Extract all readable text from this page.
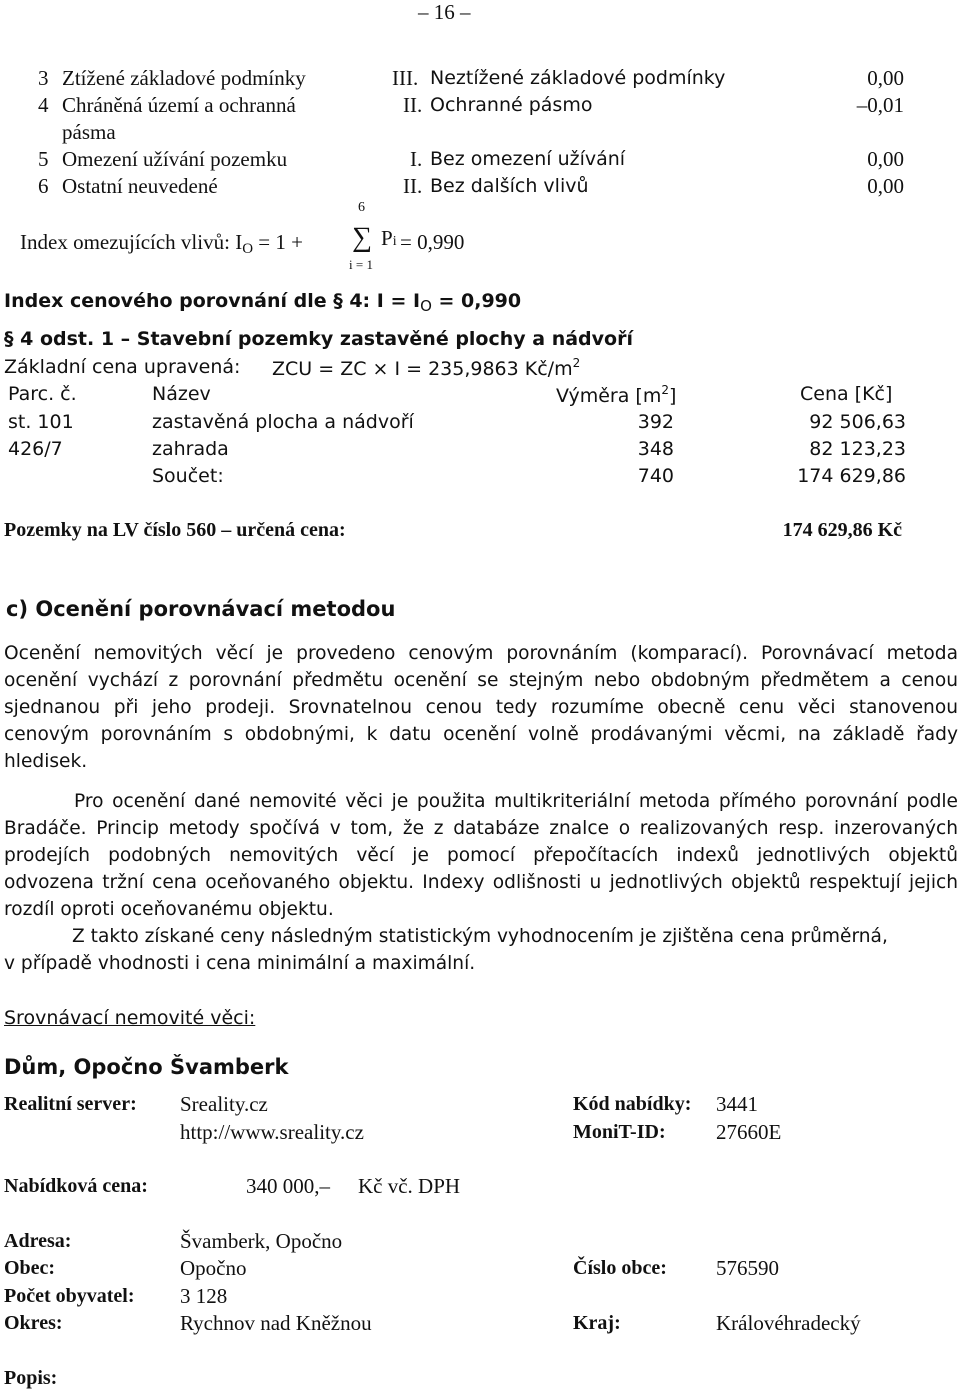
– 16 –
3 Ztížené základové podmínky	III. Neztížené základové podmínky	0,00
4 Chráněná území a ochranná
pásma
II. Ochranné pásmo	–0,01
5 Omezení užívání pozemku	I. Bez omezení užívání	0,00
6 Ostatní neuvedené	II. Bez dalších vlivů	0,00
6
Index omezujících vlivů: $I_O = 1$ + ∑ Pi = 0,990
i = 1
Index cenového porovnání dle § 4: $I = I_O = 0,990$
§ 4 odst. 1 – Stavební pozemky zastavěné plochy a nádvoří
Základní cena upravená: ZCU = ZC × I = 235,9863 $Kč/m^2$
Parc. č.	Název	Výměra $[m^2]$	Cena [Kč]
st. 101	zastavěná plocha a nádvoří	392	92 506,63
426/7	zahrada	348	82 123,23
Součet:	740	174 629,86
Pozemky na LV číslo 560 – určená cena:	174 629,86 Kč
c) Ocenění porovnávací metodou
Ocenění nemovitých věcí je provedeno cenovým porovnáním (komparací). Porovnávací metoda
ocenění vychází z porovnání předmětu ocenění se stejným nebo obdobným předmětem a cenou
sjednanou při jeho prodeji. Srovnatelnou cenou tedy rozumíme obecně cenu věci stanovenou
cenovým porovnáním s obdobnými, k datu ocenění volně prodávanými věcmi, na základě řady
hledisek.
Pro ocenění dané nemovité věci je použita multikriteriální metoda přímého porovnání podle
Bradáče. Princip metody spočívá v tom, že z databáze znalce o realizovaných resp. inzerovaných
prodejích podobných nemovitých věcí je pomocí přepočítacích indexů jednotlivých objektů
odvozena tržní cena oceňovaného objektu. Indexy odlišnosti u jednotlivých objektů respektují jejich
rozdíl oproti oceňovanému objektu.
Z takto získané ceny následným statistickým vyhodnocením je zjištěna cena průměrná,
v případě vhodnosti i cena minimální a maximální.
Srovnávací nemovité věci:
Dům, Opočno Švamberk
Realitní server: Sreality.cz	Kód nabídky: 3441
http://www.sreality.cz	MoniT-ID: 27660E
Nabídková cena:	340 000,– Kč vč. DPH
Adresa:	Švamberk, Opočno
Obec:	Opočno	Číslo obce: 576590
Počet obyvatel: 3 128
Okres:	Rychnov nad Kněžnou	Kraj:	Královéhradecký
Popis:
